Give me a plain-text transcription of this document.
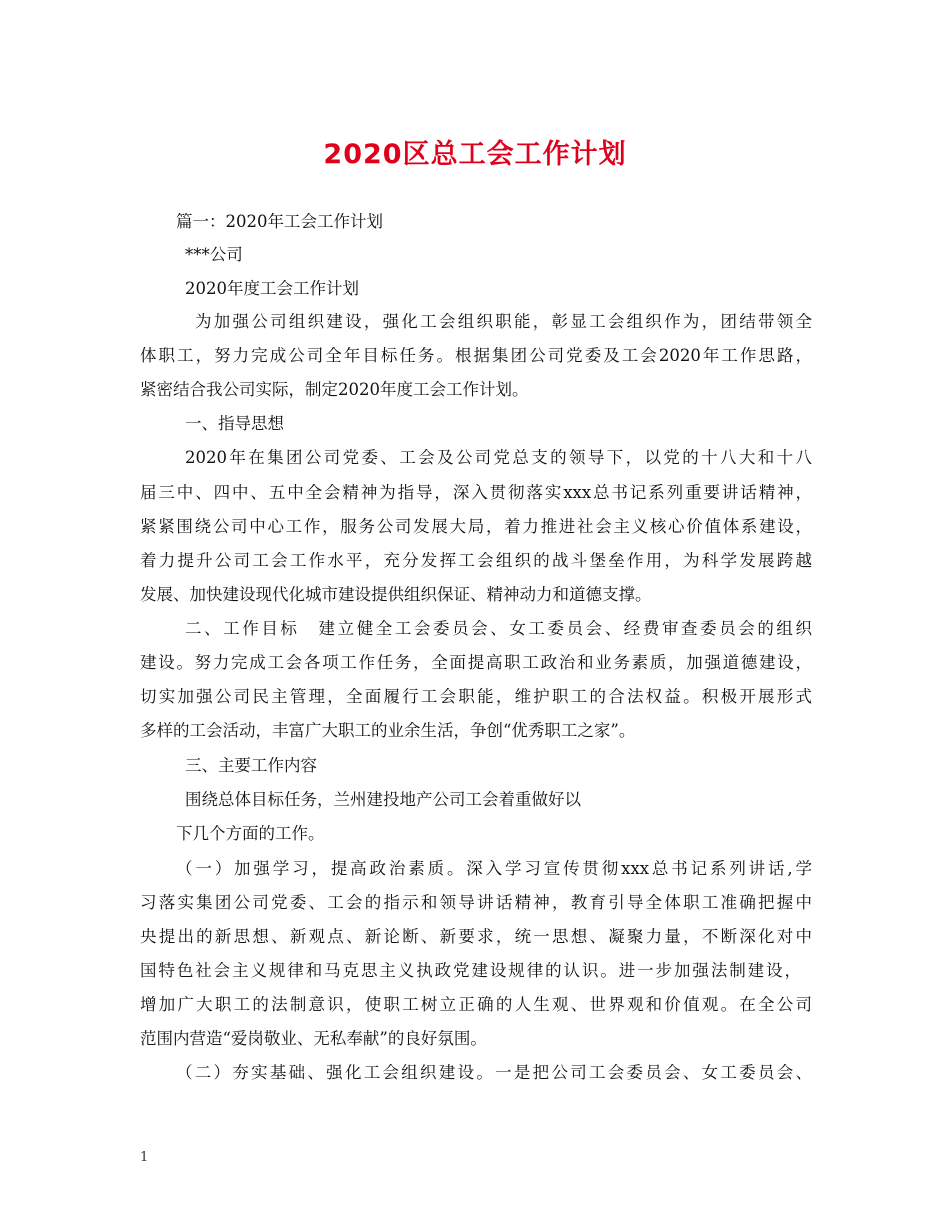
2020区总工会工作计划
篇一：2020年工会工作计划
***公司
2020年度工会工作计划
为加强公司组织建设，强化工会组织职能，彰显工会组织作为，团结带领全
体职工，努力完成公司全年目标任务。根据集团公司党委及工会2020年工作思路，
紧密结合我公司实际，制定2020年度工会工作计划。
一、指导思想
2020年在集团公司党委、工会及公司党总支的领导下，以党的十八大和十八
届三中、四中、五中全会精神为指导，深入贯彻落实xxx总书记系列重要讲话精神，
紧紧围绕公司中心工作，服务公司发展大局，着力推进社会主义核心价值体系建设，
着力提升公司工会工作水平，充分发挥工会组织的战斗堡垒作用，为科学发展跨越
发展、加快建设现代化城市建设提供组织保证、精神动力和道德支撑。
二、工作目标　建立健全工会委员会、女工委员会、经费审查委员会的组织
建设。努力完成工会各项工作任务，全面提高职工政治和业务素质，加强道德建设，
切实加强公司民主管理，全面履行工会职能，维护职工的合法权益。积极开展形式
多样的工会活动，丰富广大职工的业余生活，争创“优秀职工之家”。
三、主要工作内容
围绕总体目标任务，兰州建投地产公司工会着重做好以
下几个方面的工作。
（一）加强学习，提高政治素质。深入学习宣传贯彻xxx总书记系列讲话,学
习落实集团公司党委、工会的指示和领导讲话精神，教育引导全体职工准确把握中
央提出的新思想、新观点、新论断、新要求，统一思想、凝聚力量，不断深化对中
国特色社会主义规律和马克思主义执政党建设规律的认识。进一步加强法制建设，
增加广大职工的法制意识，使职工树立正确的人生观、世界观和价值观。在全公司
范围内营造“爱岗敬业、无私奉献”的良好氛围。
（二）夯实基础、强化工会组织建设。一是把公司工会委员会、女工委员会、
1
